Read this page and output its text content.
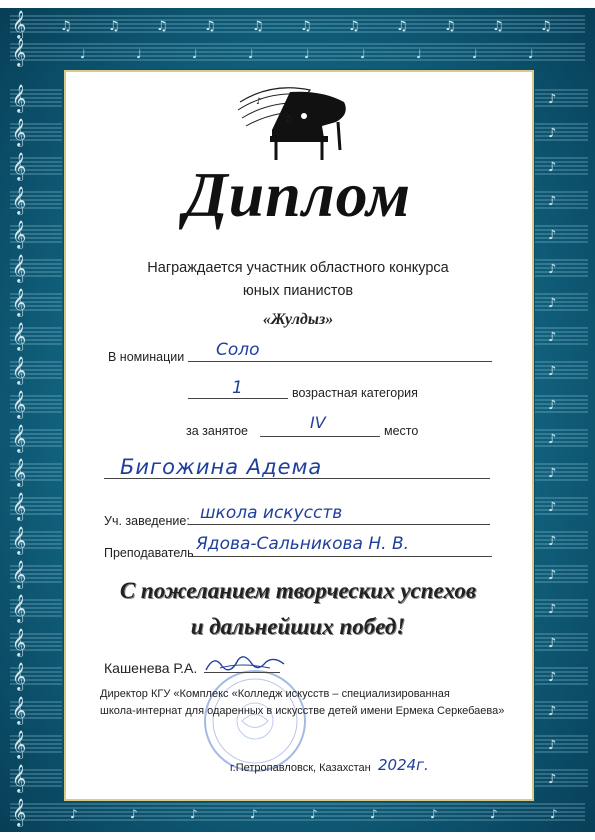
𝄞
𝄞
♫	♫	♫	♫	♫	♫	♫	♫	♫	♫	♫
♩	♩	♩	♩	♩	♩	♩	♩	♩
𝄞
𝄞
𝄞
𝄞
𝄞
𝄞
𝄞
𝄞
𝄞
𝄞
𝄞
𝄞
𝄞
𝄞
𝄞
𝄞
𝄞
𝄞
𝄞
𝄞
𝄞
♪
♪
♪
♪
♪
♪
♪
♪
♪
♪
♪
♪
♪
♪
♪
♪
♪
♪
♪
♪
♪
𝄞	♪	♪	♪	♪	♪	♪	♪	♪	♪
♪
♫
Диплом
Награждается участник областного конкурса
юных пианистов
«Жулдыз»
В номинации Соло
1	возрастная категория
за занятое	IV	место
Бигожина Адема
Уч. заведение: школа искусств
Преподаватель Ядова-Сальникова Н. В.
С пожеланием творческих успехов
и дальнейших побед!
Кашенева Р.А.
Директор КГУ «Комплекс «Колледж искусств – специализированная
школа-интернат для одаренных в искусстве детей имени Ермека Серкебаева»
г.Петропавловск, Казахстан 2024г.
